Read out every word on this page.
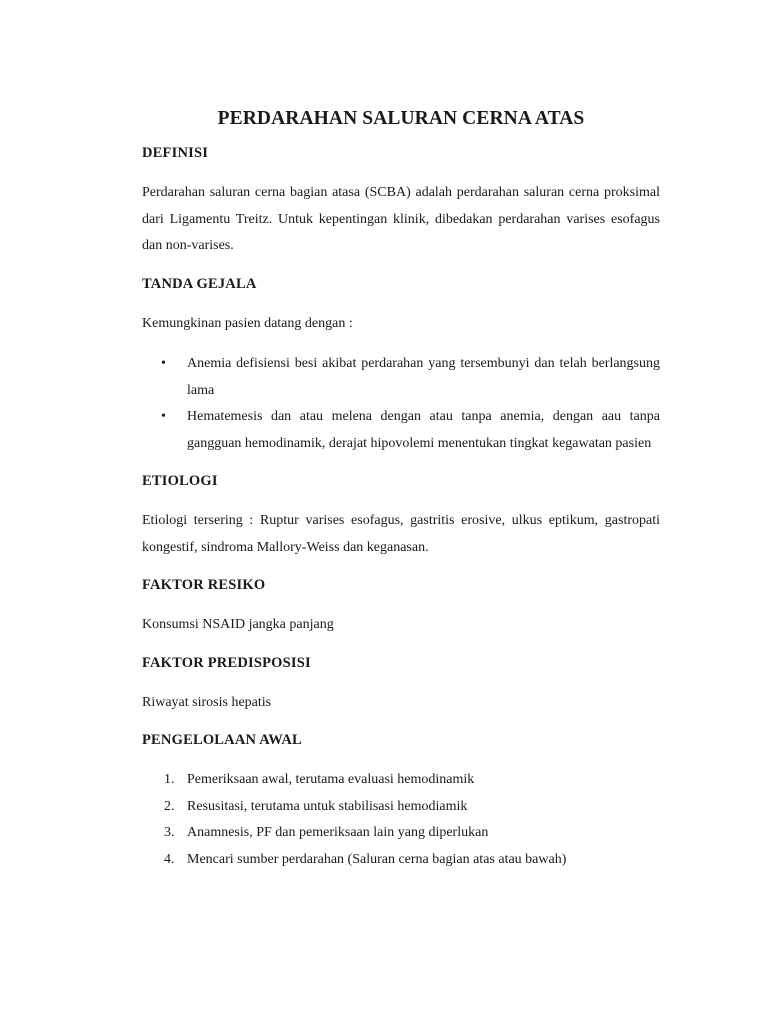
PERDARAHAN SALURAN CERNA ATAS
DEFINISI

Perdarahan saluran cerna bagian atasa (SCBA) adalah perdarahan saluran cerna proksimal dari Ligamentu Treitz. Untuk kepentingan klinik, dibedakan perdarahan varises esofagus dan non-varises.

TANDA GEJALA

Kemungkinan pasien datang dengan :

• Anemia defisiensi besi akibat perdarahan yang tersembunyi dan telah berlangsung lama
• Hematemesis dan atau melena dengan atau tanpa anemia, dengan aau tanpa gangguan hemodinamik, derajat hipovolemi menentukan tingkat kegawatan pasien
ETIOLOGI

Etiologi tersering : Ruptur varises esofagus, gastritis erosive, ulkus eptikum, gastropati kongestif, sindroma Mallory-Weiss dan keganasan.

FAKTOR RESIKO

Konsumsi NSAID jangka panjang

FAKTOR PREDISPOSISI

Riwayat sirosis hepatis

PENGELOLAAN AWAL
1. Pemeriksaan awal, terutama evaluasi hemodinamik
2. Resusitasi, terutama untuk stabilisasi hemodiamik
3. Anamnesis, PF dan pemeriksaan lain yang diperlukan
4. Mencari sumber perdarahan (Saluran cerna bagian atas atau bawah)
